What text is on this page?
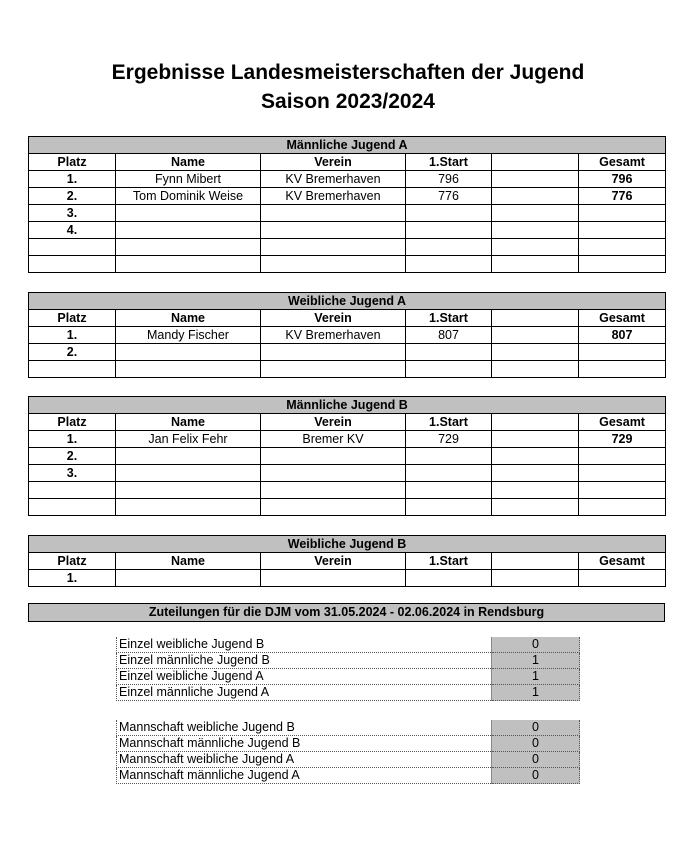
Ergebnisse Landesmeisterschaften der Jugend
Saison 2023/2024
Männliche Jugend A					
Platz	Name	Verein	1.Start		Gesamt
1.	Fynn Mibert	KV Bremerhaven	796		796
2.	Tom Dominik Weise	KV Bremerhaven	776		776
3.					
4.					

Weibliche Jugend A					
Platz	Name	Verein	1.Start		Gesamt
1.	Mandy Fischer	KV Bremerhaven	807		807
2.					

Männliche Jugend B					
Platz	Name	Verein	1.Start		Gesamt
1.	Jan Felix Fehr	Bremer KV	729		729
2.					
3.					

Weibliche Jugend B					
Platz	Name	Verein	1.Start		Gesamt
1.					
Zuteilungen für die DJM vom 31.05.2024 - 02.06.2024 in Rendsburg
Einzel weibliche Jugend B	0
Einzel männliche Jugend B	1
Einzel weibliche Jugend A	1
Einzel männliche Jugend A	1
Mannschaft weibliche Jugend B	0
Mannschaft männliche Jugend B	0
Mannschaft weibliche Jugend A	0
Mannschaft männliche Jugend A	0
